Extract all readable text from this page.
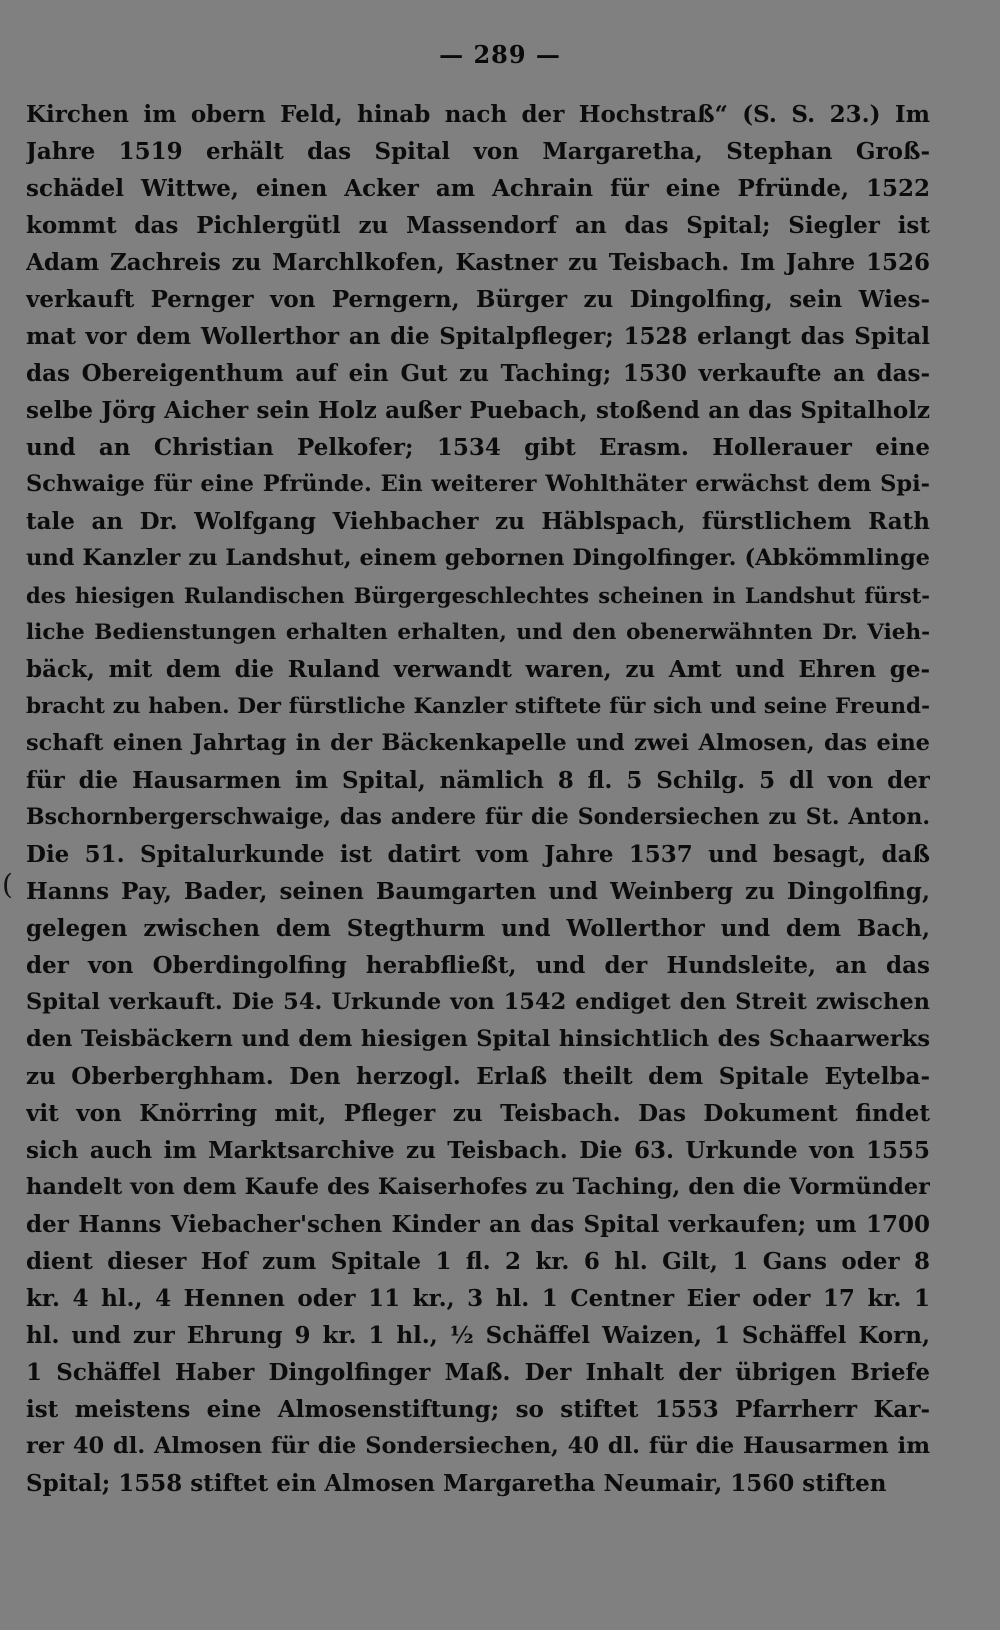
— 289 —
(
Kirchen im obern Feld, hinab nach der Hochstraß“ (S. S. 23.) Im
Jahre 1519 erhält das Spital von Margaretha, Stephan Groß-
schädel Wittwe, einen Acker am Achrain für eine Pfründe, 1522
kommt das Pichlergütl zu Massendorf an das Spital; Siegler ist
Adam Zachreis zu Marchlkofen, Kastner zu Teisbach. Im Jahre 1526
verkauft Pernger von Perngern, Bürger zu Dingolfing, sein Wies-
mat vor dem Wollerthor an die Spitalpfleger; 1528 erlangt das Spital
das Obereigenthum auf ein Gut zu Taching; 1530 verkaufte an das-
selbe Jörg Aicher sein Holz außer Puebach, stoßend an das Spitalholz
und an Christian Pelkofer; 1534 gibt Erasm. Hollerauer eine
Schwaige für eine Pfründe. Ein weiterer Wohlthäter erwächst dem Spi-
tale an Dr. Wolfgang Viehbacher zu Häblspach, fürstlichem Rath
und Kanzler zu Landshut, einem gebornen Dingolfinger. (Abkömmlinge
des hiesigen Rulandischen Bürgergeschlechtes scheinen in Landshut fürst-
liche Bedienstungen erhalten erhalten, und den obenerwähnten Dr. Vieh-
bäck, mit dem die Ruland verwandt waren, zu Amt und Ehren ge-
bracht zu haben. Der fürstliche Kanzler stiftete für sich und seine Freund-
schaft einen Jahrtag in der Bäckenkapelle und zwei Almosen, das eine
für die Hausarmen im Spital, nämlich 8 fl. 5 Schilg. 5 dl von der
Bschornbergerschwaige, das andere für die Sondersiechen zu St. Anton.
Die 51. Spitalurkunde ist datirt vom Jahre 1537 und besagt, daß
Hanns Pay, Bader, seinen Baumgarten und Weinberg zu Dingolfing,
gelegen zwischen dem Stegthurm und Wollerthor und dem Bach,
der von Oberdingolfing herabfließt, und der Hundsleite, an das
Spital verkauft. Die 54. Urkunde von 1542 endiget den Streit zwischen
den Teisbäckern und dem hiesigen Spital hinsichtlich des Schaarwerks
zu Oberberghham. Den herzogl. Erlaß theilt dem Spitale Eytelba-
vit von Knörring mit, Pfleger zu Teisbach. Das Dokument findet
sich auch im Marktsarchive zu Teisbach. Die 63. Urkunde von 1555
handelt von dem Kaufe des Kaiserhofes zu Taching, den die Vormünder
der Hanns Viebacher'schen Kinder an das Spital verkaufen; um 1700
dient dieser Hof zum Spitale 1 fl. 2 kr. 6 hl. Gilt, 1 Gans oder 8
kr. 4 hl., 4 Hennen oder 11 kr., 3 hl. 1 Centner Eier oder 17 kr. 1
hl. und zur Ehrung 9 kr. 1 hl., ½ Schäffel Waizen, 1 Schäffel Korn,
1 Schäffel Haber Dingolfinger Maß. Der Inhalt der übrigen Briefe
ist meistens eine Almosenstiftung; so stiftet 1553 Pfarrherr Kar-
rer 40 dl. Almosen für die Sondersiechen, 40 dl. für die Hausarmen im
Spital; 1558 stiftet ein Almosen Margaretha Neumair, 1560 stiften
